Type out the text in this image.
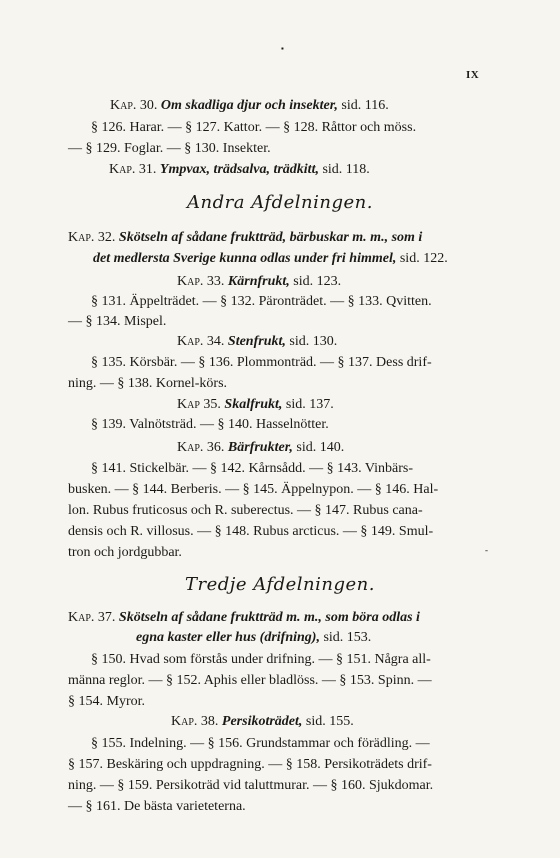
▪
IX
-
Kap. 30. Om skadliga djur och insekter, sid. 116.
§ 126. Harar. — § 127. Kattor. — § 128. Råttor och möss.
— § 129. Foglar. — § 130. Insekter.
Kap. 31. Ympvax, trädsalva, trädkitt, sid. 118.
Andra Afdelningen.
Kap. 32. Skötseln af sådane fruktträd, bärbuskar m. m., som i
det medlersta Sverige kunna odlas under fri himmel, sid. 122.
Kap. 33. Kärnfrukt, sid. 123.
§ 131. Äppelträdet. — § 132. Päronträdet. — § 133. Qvitten.
— § 134. Mispel.
Kap. 34. Stenfrukt, sid. 130.
§ 135. Körsbär. — § 136. Plommonträd. — § 137. Dess drif-
ning. — § 138. Kornel-körs.
Kap 35. Skalfrukt, sid. 137.
§ 139. Valnötsträd. — § 140. Hasselnötter.
Kap. 36. Bärfrukter, sid. 140.
§ 141. Stickelbär. — § 142. Kårnsådd. — § 143. Vinbärs-
busken. — § 144. Berberis. — § 145. Äppelnypon. — § 146. Hal-
lon. Rubus fruticosus och R. suberectus. — § 147. Rubus cana-
densis och R. villosus. — § 148. Rubus arcticus. — § 149. Smul-
tron och jordgubbar.
Tredje Afdelningen.
Kap. 37. Skötseln af sådane fruktträd m. m., som böra odlas i
egna kaster eller hus (drifning), sid. 153.
§ 150. Hvad som förstås under drifning. — § 151. Några all-
männa reglor. — § 152. Aphis eller bladlöss. — § 153. Spinn. —
§ 154. Myror.
Kap. 38. Persikoträdet, sid. 155.
§ 155. Indelning. — § 156. Grundstammar och förädling. —
§ 157. Beskäring och uppdragning. — § 158. Persikoträdets drif-
ning. — § 159. Persikoträd vid taluttmurar. — § 160. Sjukdomar.
— § 161. De bästa varieteterna.
